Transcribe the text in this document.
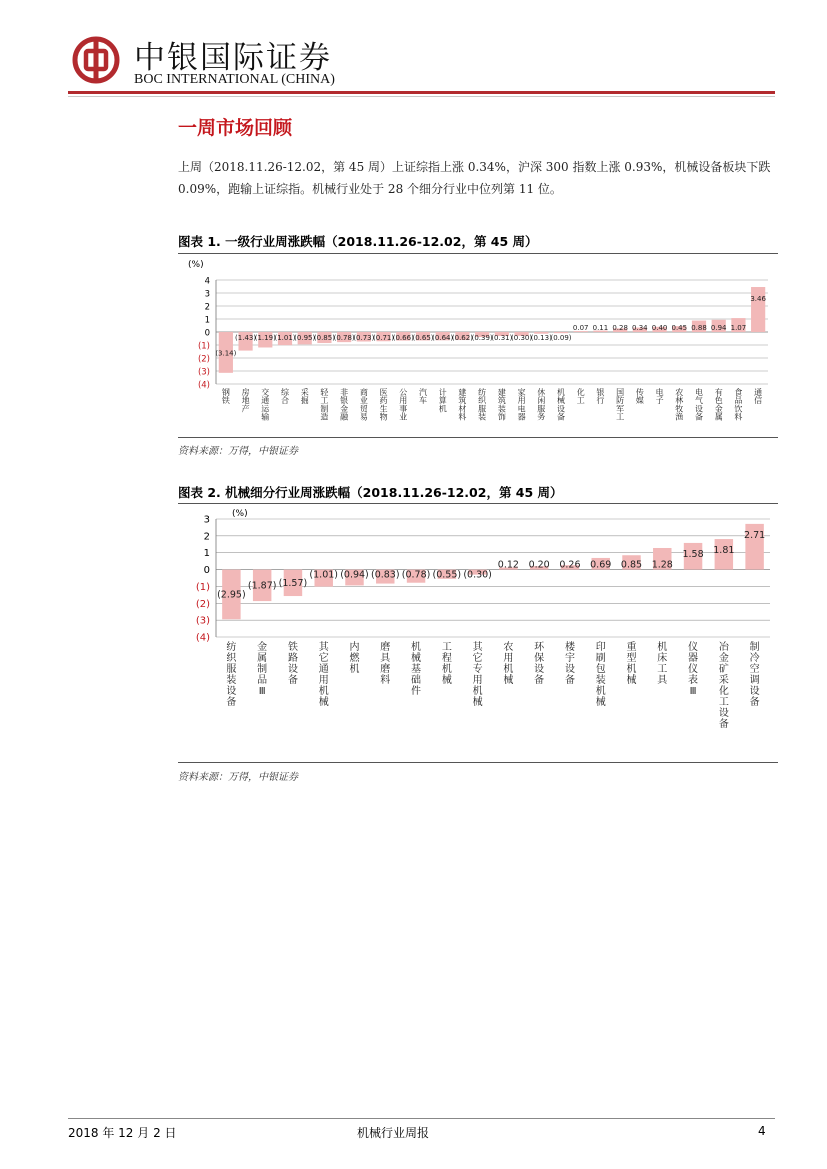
中银国际证券
BOC INTERNATIONAL (CHINA)
一周市场回顾
上周（2018.11.26-12.02，第 45 周）上证综指上涨 0.34%，沪深 300 指数上涨 0.93%，机械设备板块下跌 0.09%，跑输上证综指。机械行业处于 28 个细分行业中位列第 11 位。
图表 1. 一级行业周涨跌幅（2018.11.26-12.02，第 45 周）
(%)
4
3
2
1
0
(1)
(2)
(3)
(4)
(3.14)
钢铁
(1.43)
房地产
(1.19)
交通运输
(1.01)
综合
(0.95)
采掘
(0.85)
轻工制造
(0.78)
非银金融
(0.73)
商业贸易
(0.71)
医药生物
(0.66)
公用事业
(0.65)
汽车
(0.64)
计算机
(0.62)
建筑材料
(0.39)
纺织服装
(0.31)
建筑装饰
(0.30)
家用电器
(0.13)
休闲服务
(0.09)
机械设备
0.07
化工
0.11
银行
0.28
国防军工
0.34
传媒
0.40
电子
0.45
农林牧渔
0.88
电气设备
0.94
有色金属
1.07
食品饮料
3.46
通信
资料来源：万得，中银证券
图表 2. 机械细分行业周涨跌幅（2018.11.26-12.02，第 45 周）
(%)
3
2
1
0
(1)
(2)
(3)
(4)
(2.95)
纺织服装设备
(1.87)
金属制品 Ⅲ
(1.57)
铁路设备
(1.01)
其它通用机械
(0.94)
内燃机
(0.83)
磨具磨料
(0.78)
机械基础件
(0.55)
工程机械
(0.30)
其它专用机械
0.12
农用机械
0.20
环保设备
0.26
楼宇设备
0.69
印刷包装机械
0.85
重型机械
1.28
机床工具
1.58
仪器仪表 Ⅲ
1.81
冶金矿采化工设备
2.71
制冷空调设备
资料来源：万得，中银证券
2018 年 12 月 2 日	机械行业周报	4
